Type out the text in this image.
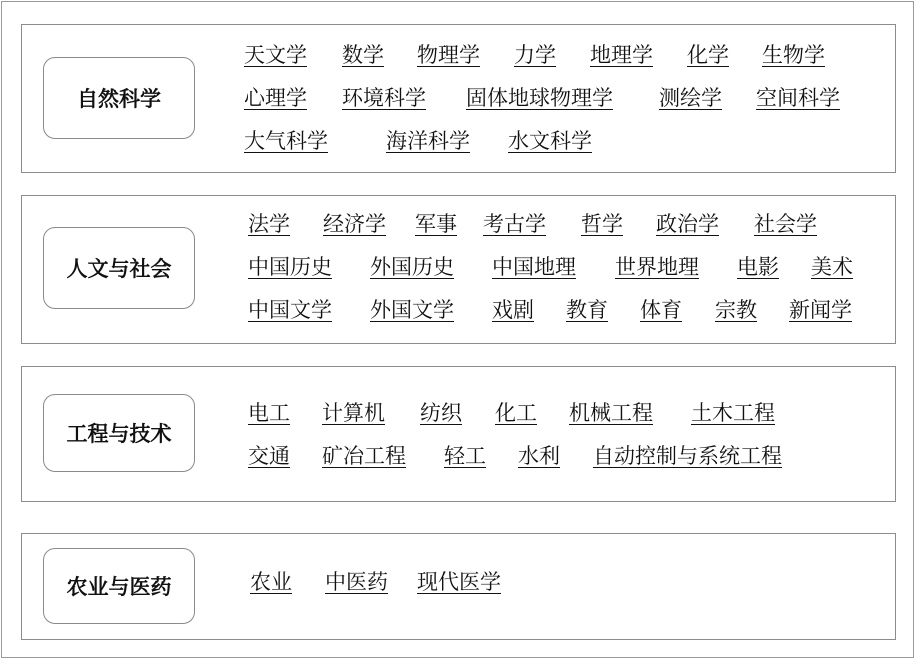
自然科学
天文学 数学 物理学 力学 地理学 化学 生物学
心理学 环境科学 固体地球物理学 测绘学 空间科学
大气科学	海洋科学 水文科学
人文与社会
法学 经济学 军事 考古学 哲学 政治学 社会学
中国历史 外国历史 中国地理 世界地理 电影 美术
中国文学 外国文学 戏剧 教育 体育 宗教 新闻学
工程与技术
电工 计算机 纺织 化工 机械工程 土木工程
交通 矿冶工程 轻工 水利 自动控制与系统工程
农业与医药	农业 中医药 现代医学
